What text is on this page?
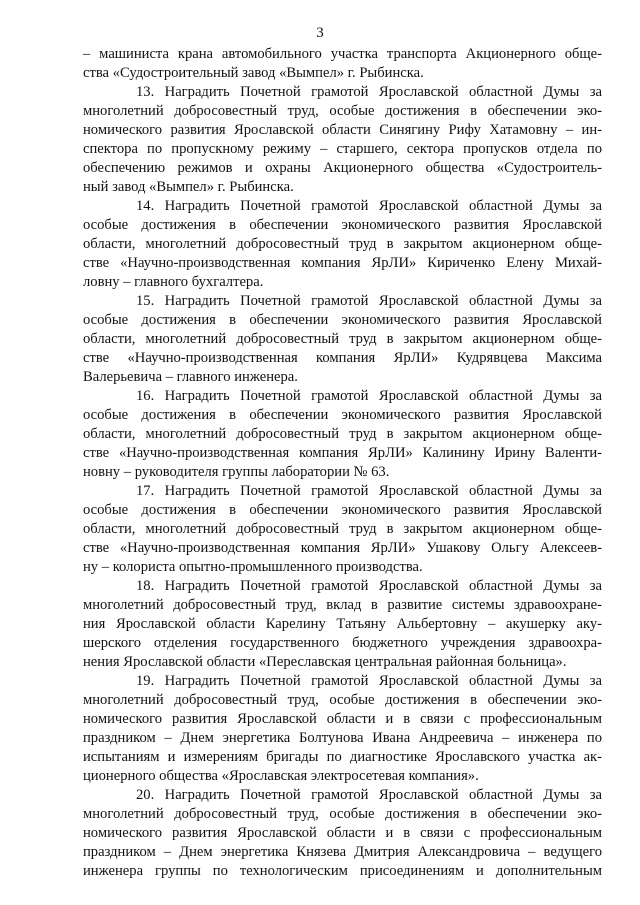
3
– машиниста крана автомобильного участка транспорта Акционерного обще-
ства «Судостроительный завод «Вымпел» г. Рыбинска.
13. Наградить Почетной грамотой Ярославской областной Думы за
многолетний добросовестный труд, особые достижения в обеспечении эко-
номического развития Ярославской области Синягину Рифу Хатамовну – ин-
спектора по пропускному режиму – старшего, сектора пропусков отдела по
обеспечению режимов и охраны Акционерного общества «Судостроитель-
ный завод «Вымпел» г. Рыбинска.
14. Наградить Почетной грамотой Ярославской областной Думы за
особые достижения в обеспечении экономического развития Ярославской
области, многолетний добросовестный труд в закрытом акционерном обще-
стве «Научно-производственная компания ЯрЛИ» Кириченко Елену Михай-
ловну – главного бухгалтера.
15. Наградить Почетной грамотой Ярославской областной Думы за
особые достижения в обеспечении экономического развития Ярославской
области, многолетний добросовестный труд в закрытом акционерном обще-
стве «Научно-производственная компания ЯрЛИ» Кудрявцева Максима
Валерьевича – главного инженера.
16. Наградить Почетной грамотой Ярославской областной Думы за
особые достижения в обеспечении экономического развития Ярославской
области, многолетний добросовестный труд в закрытом акционерном обще-
стве «Научно-производственная компания ЯрЛИ» Калинину Ирину Валенти-
новну – руководителя группы лаборатории № 63.
17. Наградить Почетной грамотой Ярославской областной Думы за
особые достижения в обеспечении экономического развития Ярославской
области, многолетний добросовестный труд в закрытом акционерном обще-
стве «Научно-производственная компания ЯрЛИ» Ушакову Ольгу Алексеев-
ну – колориста опытно-промышленного производства.
18. Наградить Почетной грамотой Ярославской областной Думы за
многолетний добросовестный труд, вклад в развитие системы здравоохране-
ния Ярославской области Карелину Татьяну Альбертовну – акушерку аку-
шерского отделения государственного бюджетного учреждения здравоохра-
нения Ярославской области «Переславская центральная районная больница».
19. Наградить Почетной грамотой Ярославской областной Думы за
многолетний добросовестный труд, особые достижения в обеспечении эко-
номического развития Ярославской области и в связи с профессиональным
праздником – Днем энергетика Болтунова Ивана Андреевича – инженера по
испытаниям и измерениям бригады по диагностике Ярославского участка ак-
ционерного общества «Ярославская электросетевая компания».
20. Наградить Почетной грамотой Ярославской областной Думы за
многолетний добросовестный труд, особые достижения в обеспечении эко-
номического развития Ярославской области и в связи с профессиональным
праздником – Днем энергетика Князева Дмитрия Александровича – ведущего
инженера группы по технологическим присоединениям и дополнительным
